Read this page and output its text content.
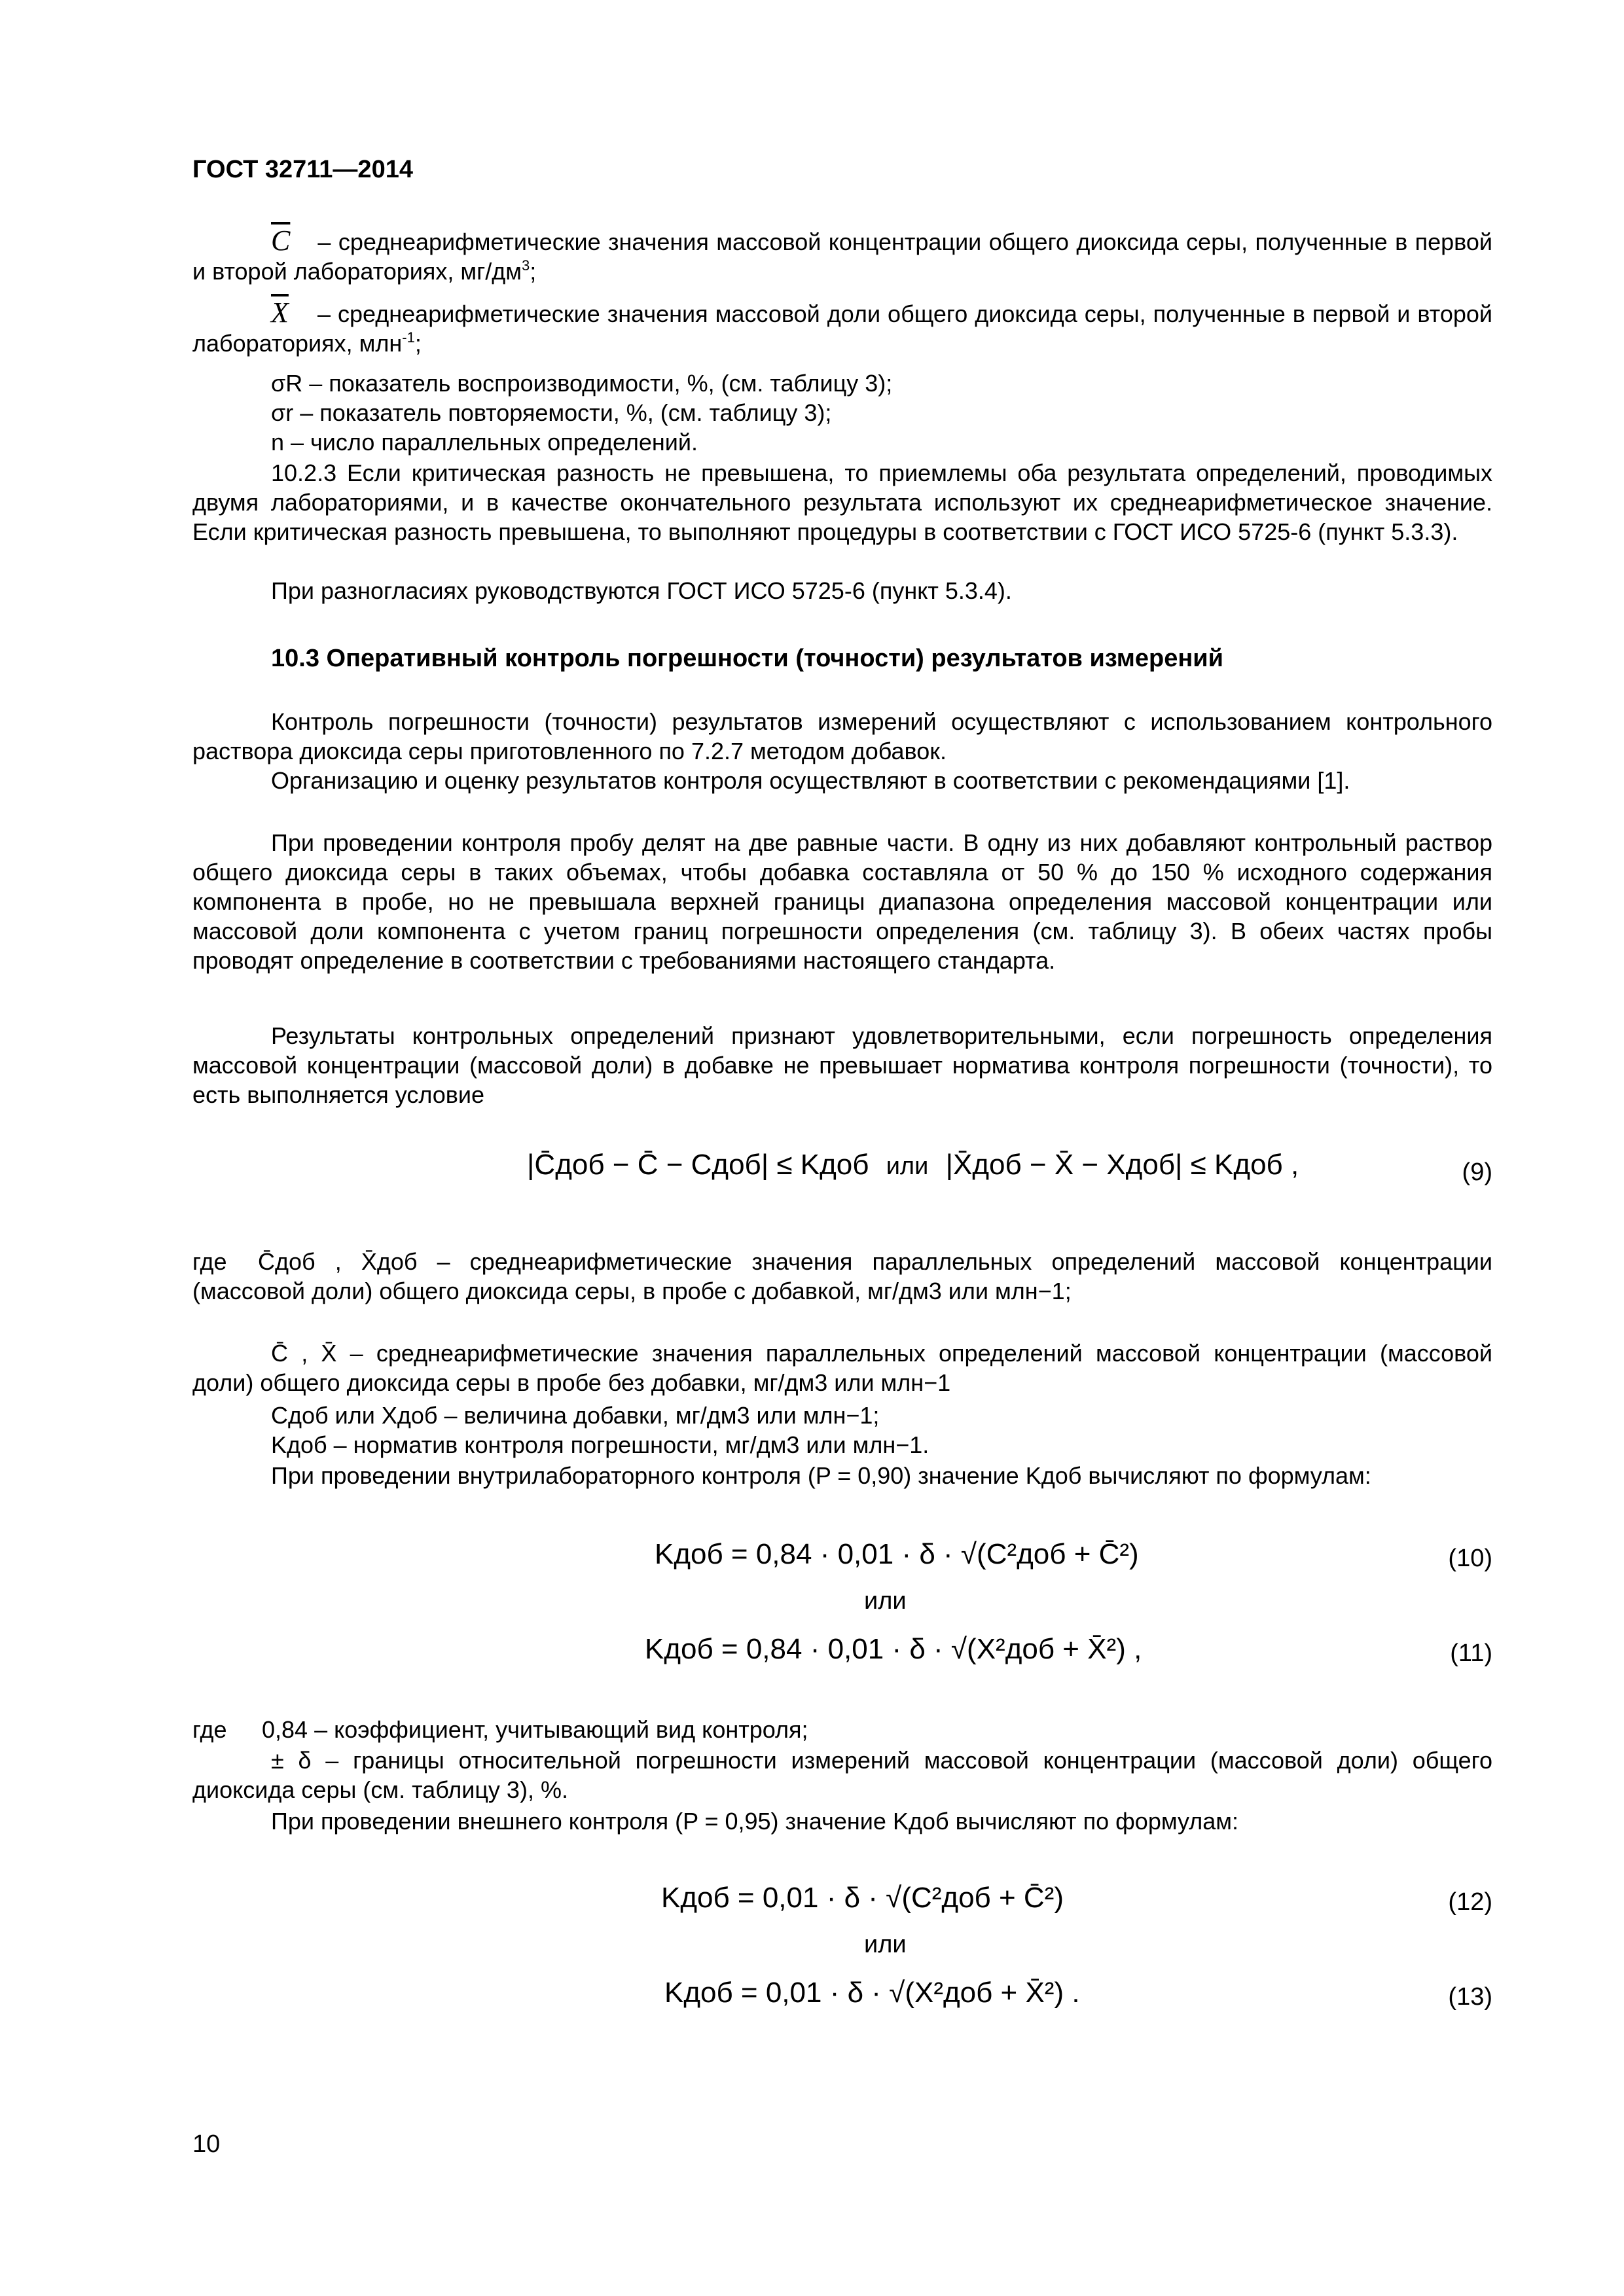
ГОСТ 32711—2014
$\overline{C}$ – среднеарифметические значения массовой концентрации общего диоксида серы, полученные в первой и второй лабораториях, $мг/дм^3$;
$\overline{X}$ – среднеарифметические значения массовой доли общего диоксида серы, полученные в первой и второй лабораториях, млн$^{-1}$;
σR – показатель воспроизводимости, %, (см. таблицу 3);
σr – показатель повторяемости, %, (см. таблицу 3);
n – число параллельных определений.
10.2.3 Если критическая разность не превышена, то приемлемы оба результата определений, проводимых двумя лабораториями, и в качестве окончательного результата используют их среднеарифметическое значение. Если критическая разность превышена, то выполняют процедуры в соответствии с ГОСТ ИСО 5725-6 (пункт 5.3.3).
При разногласиях руководствуются ГОСТ ИСО 5725-6 (пункт 5.3.4).
10.3 Оперативный контроль погрешности (точности) результатов измерений
Контроль погрешности (точности) результатов измерений осуществляют с использованием контрольного раствора диоксида серы приготовленного по 7.2.7 методом добавок.
Организацию и оценку результатов контроля осуществляют в соответствии с рекомендациями [1].
При проведении контроля пробу делят на две равные части. В одну из них добавляют контрольный раствор общего диоксида серы в таких объемах, чтобы добавка составляла от 50 % до 150 % исходного содержания компонента в пробе, но не превышала верхней границы диапазона определения массовой концентрации или массовой доли компонента с учетом границ погрешности определения (см. таблицу 3). В обеих частях пробы проводят определение в соответствии с требованиями настоящего стандарта.
Результаты контрольных определений признают удовлетворительными, если погрешность определения массовой концентрации (массовой доли) в добавке не превышает норматива контроля погрешности (точности), то есть выполняется условие
|C̄доб − C̄ − Cдоб| ≤ Kдоб или |X̄доб − X̄ − Xдоб| ≤ Kдоб ,	(9)
где C̄доб , X̄доб – среднеарифметические значения параллельных определений массовой концентрации (массовой доли) общего диоксида серы, в пробе с добавкой, мг/дм3 или млн−1;
C̄ , X̄ – среднеарифметические значения параллельных определений массовой концентрации (массовой доли) общего диоксида серы в пробе без добавки, мг/дм3 или млн−1
Cдоб или Xдоб – величина добавки, мг/дм3 или млн−1;
Kдоб – норматив контроля погрешности, мг/дм3 или млн−1.
При проведении внутрилабораторного контроля (P = 0,90) значение Kдоб вычисляют по формулам:
Kдоб = 0,84 · 0,01 · δ · √(C²доб + C̄²)	(10)
или
Kдоб = 0,84 · 0,01 · δ · √(X²доб + X̄²) ,	(11)
где 0,84 – коэффициент, учитывающий вид контроля;
± δ – границы относительной погрешности измерений массовой концентрации (массовой доли) общего диоксида серы (см. таблицу 3), %.
При проведении внешнего контроля (P = 0,95) значение Kдоб вычисляют по формулам:
Kдоб = 0,01 · δ · √(C²доб + C̄²)	(12)
или
Kдоб = 0,01 · δ · √(X²доб + X̄²) .	(13)
10
